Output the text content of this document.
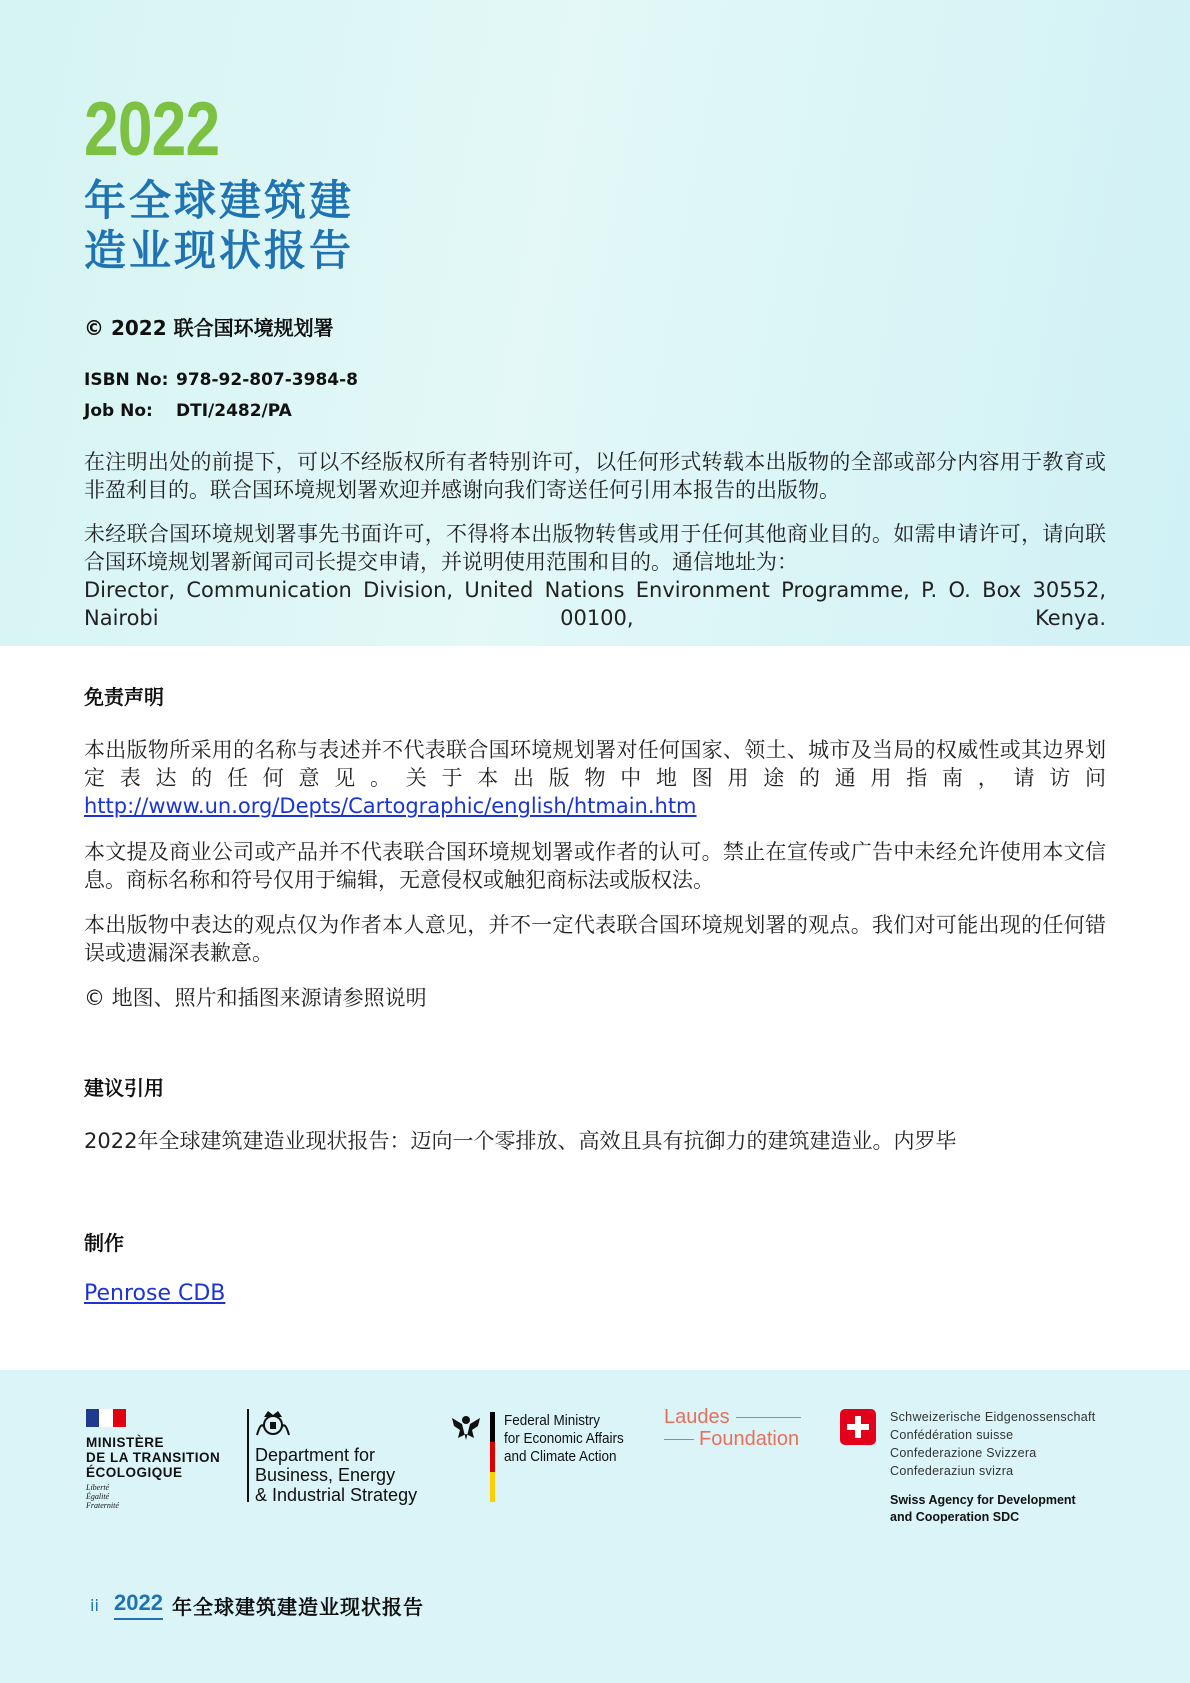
2022
年全球建筑建
造业现状报告
© 2022 联合国环境规划署
ISBN No: 978-92-807-3984-8
Job No: DTI/2482/PA
在注明出处的前提下，可以不经版权所有者特别许可，以任何形式转载本出版物的全部或部分内容用于教育或非盈利目的。联合国环境规划署欢迎并感谢向我们寄送任何引用本报告的出版物。
未经联合国环境规划署事先书面许可，不得将本出版物转售或用于任何其他商业目的。如需申请许可，请向联合国环境规划署新闻司司长提交申请，并说明使用范围和目的。通信地址为：

Director, Communication Division, United Nations Environment Programme, P. O. Box 30552, Nairobi 00100, Kenya.
免责声明
本出版物所采用的名称与表述并不代表联合国环境规划署对任何国家、领土、城市及当局的权威性或其边界划定表达的任何意见。关于本出版物中地图用途的通用指南，请访问 http://www.un.org/Depts/Cartographic/english/htmain.htm
本文提及商业公司或产品并不代表联合国环境规划署或作者的认可。禁止在宣传或广告中未经允许使用本文信息。商标名称和符号仅用于编辑，无意侵权或触犯商标法或版权法。
本出版物中表达的观点仅为作者本人意见，并不一定代表联合国环境规划署的观点。我们对可能出现的任何错误或遗漏深表歉意。
© 地图、照片和插图来源请参照说明
建议引用
2022年全球建筑建造业现状报告：迈向一个零排放、高效且具有抗御力的建筑建造业。内罗毕
制作
Penrose CDB
MINISTÈRE
DE LA TRANSITION
ÉCOLOGIQUE
Liberté
Égalité
Fraternité
Department for
Business, Energy
& Industrial Strategy
Federal Ministry
for Economic Affairs
and Climate Action
Laudes
Foundation
Schweizerische Eidgenossenschaft
Confédération suisse
Confederazione Svizzera
Confederaziun svizra
Swiss Agency for Development
and Cooperation SDC
ii 2022 年全球建筑建造业现状报告
